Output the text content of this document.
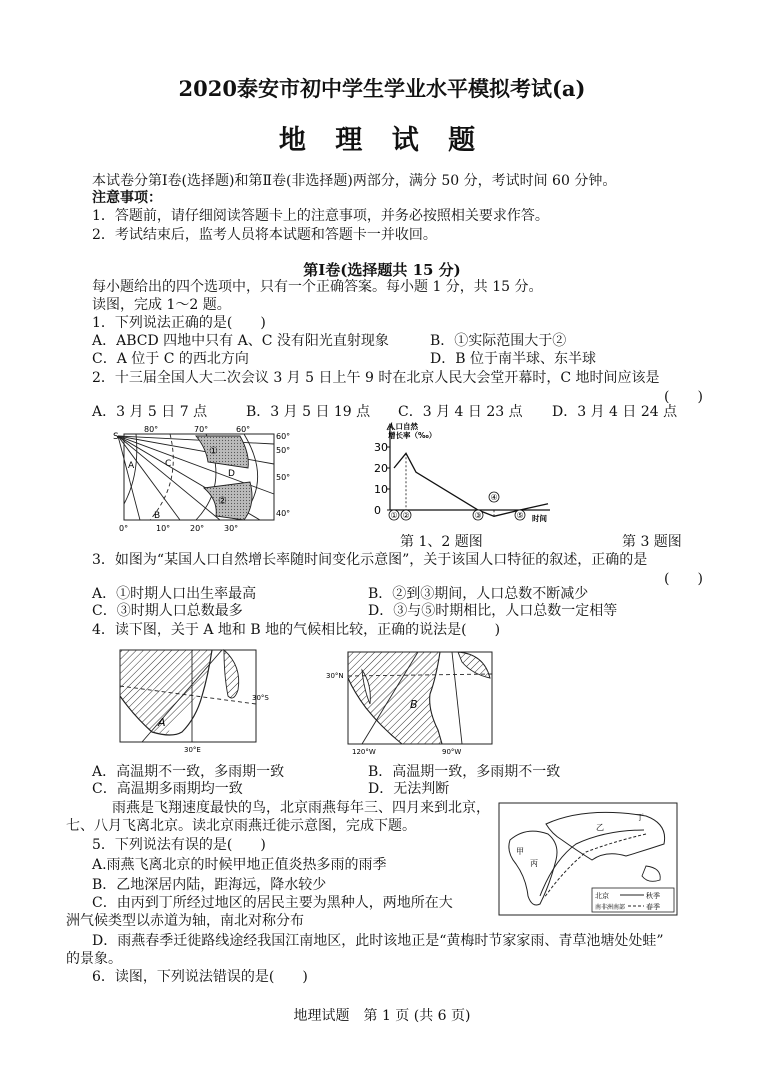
2020泰安市初中学生学业水平模拟考试(a)
地 理 试 题
本试卷分第Ⅰ卷(选择题)和第Ⅱ卷(非选择题)两部分，满分 50 分，考试时间 60 分钟。
注意事项：
1．答题前，请仔细阅读答题卡上的注意事项，并务必按照相关要求作答。
2．考试结束后，监考人员将本试题和答题卡一并收回。
第Ⅰ卷(选择题共 15 分)
每小题给出的四个选项中，只有一个正确答案。每小题 1 分，共 15 分。
读图，完成 1～2 题。
1．下列说法正确的是(　　)
A．ABCD 四地中只有 A、C 没有阳光直射现象	B．①实际范围大于②
C．A 位于 C 的西北方向	D．B 位于南半球、东半球
2．十三届全国人大二次会议 3 月 5 日上午 9 时在北京人民大会堂开幕时，C 地时间应该是
(　　)
A．3 月 5 日 7 点	B．3 月 5 日 19 点 C．3 月 4 日 23 点 D．3 月 4 日 24 点
S
80°	70°	60°
60°
50°
50°
40°
0°	10° 20° 30°
A
B
C
D
①
②
0
10
20
30
① ②	③
④
⑤
人口自然
增长率（‰）
时间
第 1、2 题图	第 3 题图
3．如图为“某国人口自然增长率随时间变化示意图”，关于该国人口特征的叙述，正确的是
(　　)
A．①时期人口出生率最高	B．②到③期间，人口总数不断减少
C．③时期人口总数最多	D．③与⑤时期相比，人口总数一定相等
4．读下图，关于 A 地和 B 地的气候相比较，正确的说法是(　　)
30°S
30°E
A
30°N
120°W	90°W
B
A．高温期不一致，多雨期一致	B．高温期一致，多雨期不一致
C．高温期多雨期均一致	D．无法判断
雨燕是飞翔速度最快的鸟，北京雨燕每年三、四月来到北京，
七、八月飞离北京。读北京雨燕迁徙示意图，完成下题。
甲
乙
丙
丁
北京	秋季
南非洲南部	春季
5．下列说法有误的是(　　)
A.雨燕飞离北京的时候甲地正值炎热多雨的雨季
B．乙地深居内陆，距海远，降水较少
C．由丙到丁所经过地区的居民主要为黑种人，两地所在大
洲气候类型以赤道为轴，南北对称分布
D．雨燕春季迁徙路线途经我国江南地区，此时该地正是“黄梅时节家家雨、青草池塘处处蛙”
的景象。
6．读图，下列说法错误的是(　　)
地理试题　第 1 页 (共 6 页)
